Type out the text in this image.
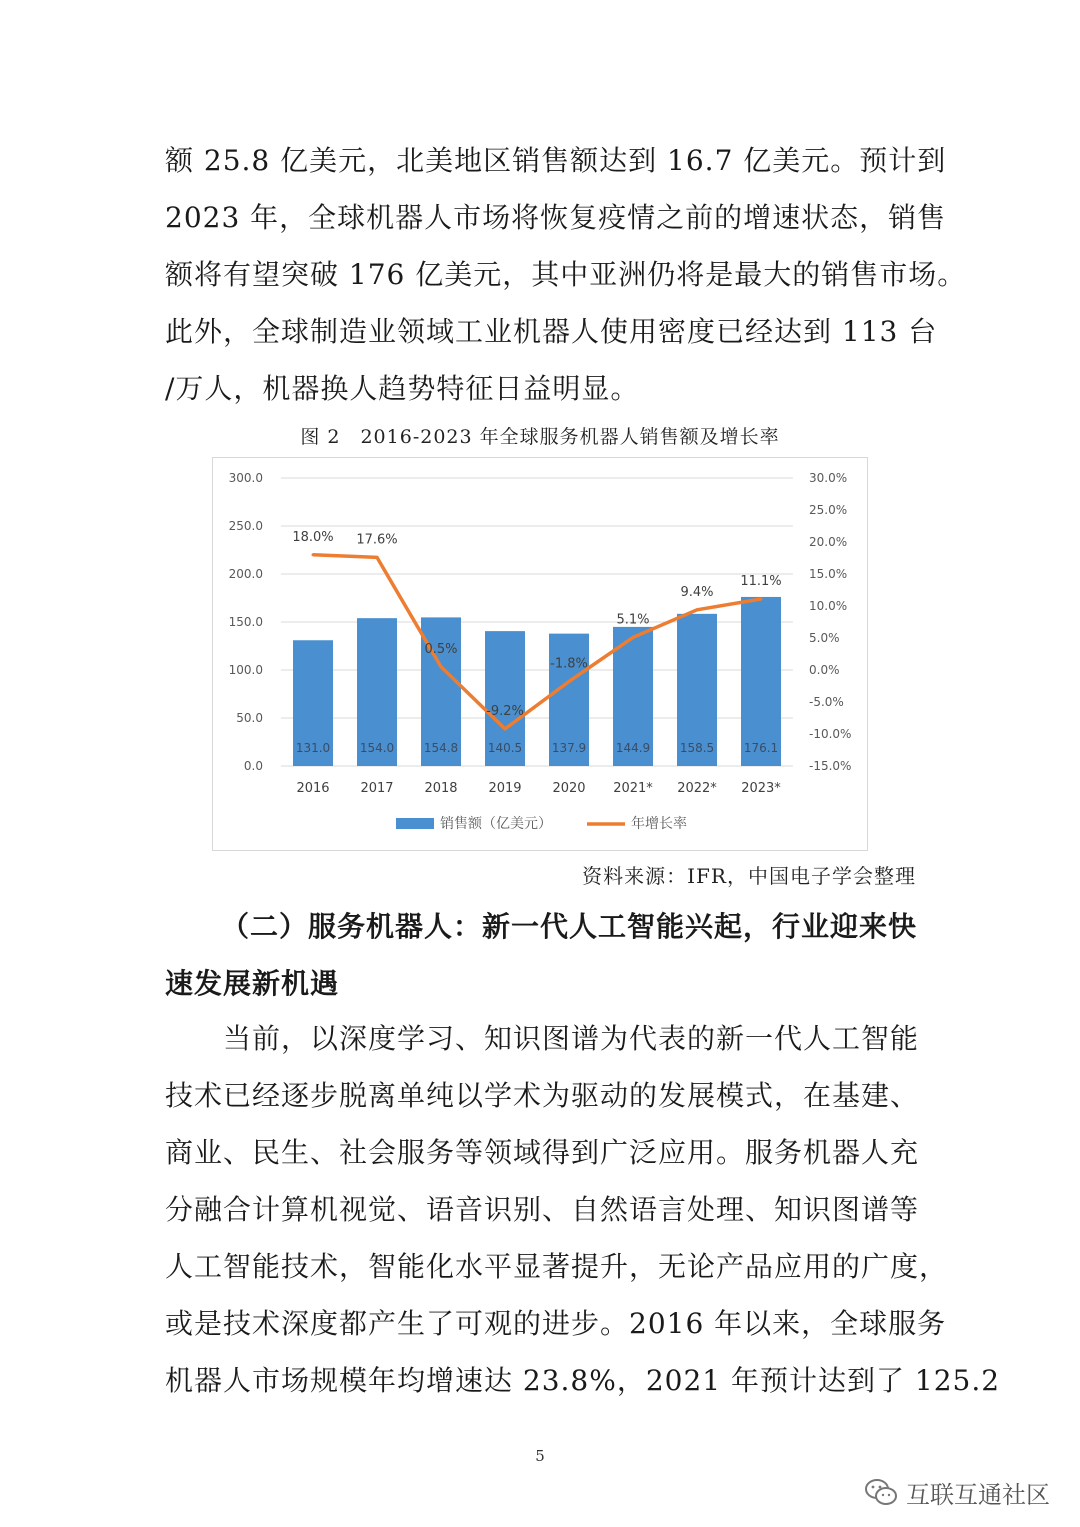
额 25.8 亿美元，北美地区销售额达到 16.7 亿美元。预计到
2023 年，全球机器人市场将恢复疫情之前的增速状态，销售
额将有望突破 176 亿美元，其中亚洲仍将是最大的销售市场。
此外，全球制造业领域工业机器人使用密度已经达到 113 台
/万人，机器换人趋势特征日益明显。
图 2　2016-2023 年全球服务机器人销售额及增长率
0.0
50.0
100.0
150.0
200.0
250.0
300.0
-15.0%
-10.0%
-5.0%
0.0%
5.0%
10.0%
15.0%
20.0%
25.0%
30.0%
131.0
2016
154.0
2017
154.8
2018
140.5
2019
137.9
2020
144.9
2021*
158.5
2022*
176.1
2023*
18.0% 17.6%
0.5%
-9.2%
-1.8%
5.1%
9.4%
11.1%
销售额（亿美元）	年增长率
资料来源：IFR，中国电子学会整理
（二）服务机器人：新一代人工智能兴起，行业迎来快
速发展新机遇
当前，以深度学习、知识图谱为代表的新一代人工智能
技术已经逐步脱离单纯以学术为驱动的发展模式，在基建、
商业、民生、社会服务等领域得到广泛应用。服务机器人充
分融合计算机视觉、语音识别、自然语言处理、知识图谱等
人工智能技术，智能化水平显著提升，无论产品应用的广度，
或是技术深度都产生了可观的进步。2016 年以来，全球服务
机器人市场规模年均增速达 23.8%，2021 年预计达到了 125.2
5
互联互通社区
